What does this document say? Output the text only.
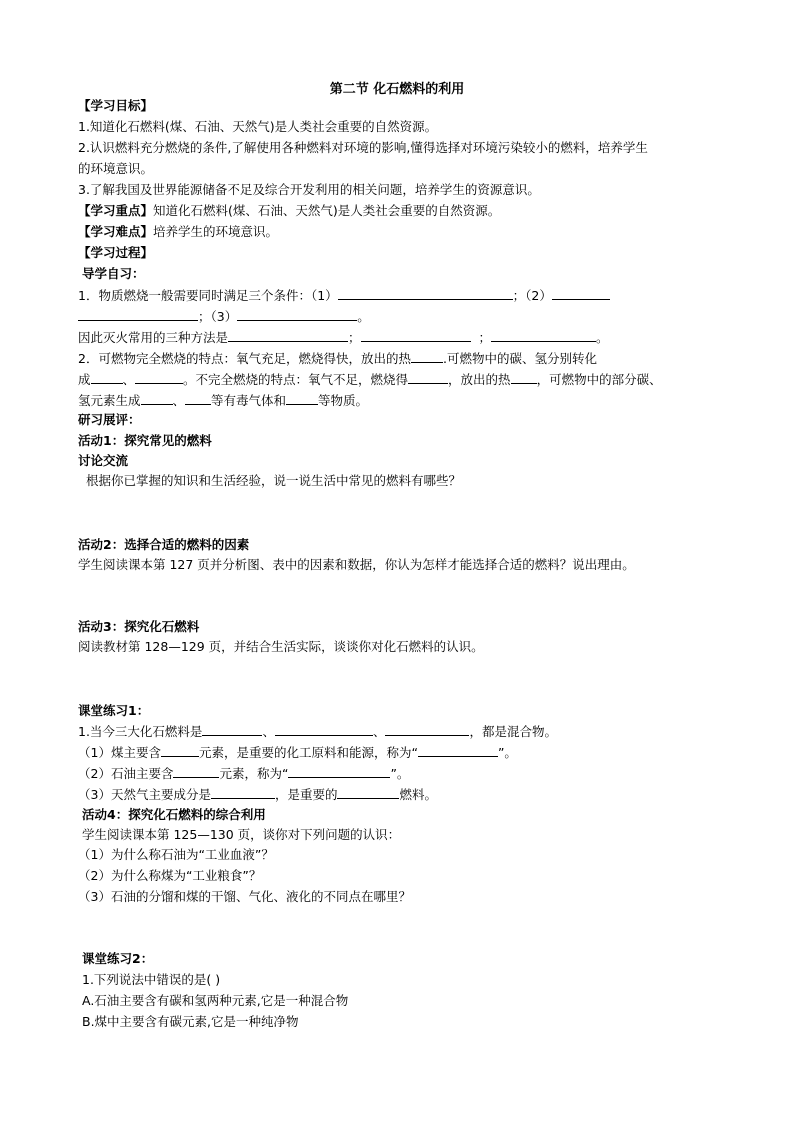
第二节 化石燃料的利用
【学习目标】
1.知道化石燃料(煤、石油、天然气)是人类社会重要的自然资源。
2.认识燃料充分燃烧的条件,了解使用各种燃料对环境的影响,懂得选择对环境污染较小的燃料，培养学生
的环境意识。
3.了解我国及世界能源储备不足及综合开发利用的相关问题，培养学生的资源意识。
【学习重点】知道化石燃料(煤、石油、天然气)是人类社会重要的自然资源。
【学习难点】培养学生的环境意识。
【学习过程】
导学自习：
1．物质燃烧一般需要同时满足三个条件：（1）	；（2）
；（3）	。
因此灭火常用的三种方法是	；	；	。
2．可燃物完全燃烧的特点：氧气充足，燃烧得快，放出的热	.可燃物中的碳、氢分别转化
成	、	。不完全燃烧的特点：氧气不足，燃烧得	，放出的热 ，可燃物中的部分碳、
氢元素生成	、 等有毒气体和	等物质。
研习展评：
活动1：探究常见的燃料
讨论交流
根据你已掌握的知识和生活经验，说一说生活中常见的燃料有哪些？
活动2：选择合适的燃料的因素
学生阅读课本第 127 页并分析图、表中的因素和数据，你认为怎样才能选择合适的燃料？说出理由。
活动3：探究化石燃料
阅读教材第 128—129 页，并结合生活实际，谈谈你对化石燃料的认识。
课堂练习1：
1.当今三大化石燃料是	、	、	，都是混合物。
（1）煤主要含	元素，是重要的化工原料和能源，称为“	”。
（2）石油主要含	元素，称为“	”。
（3）天然气主要成分是	，是重要的	燃料。
活动4：探究化石燃料的综合利用
学生阅读课本第 125—130 页，谈你对下列问题的认识：
（1）为什么称石油为“工业血液”？
（2）为什么称煤为“工业粮食”？
（3）石油的分馏和煤的干馏、气化、液化的不同点在哪里？
课堂练习2：
1.下列说法中错误的是( )
A.石油主要含有碳和氢两种元素,它是一种混合物
B.煤中主要含有碳元素,它是一种纯净物
